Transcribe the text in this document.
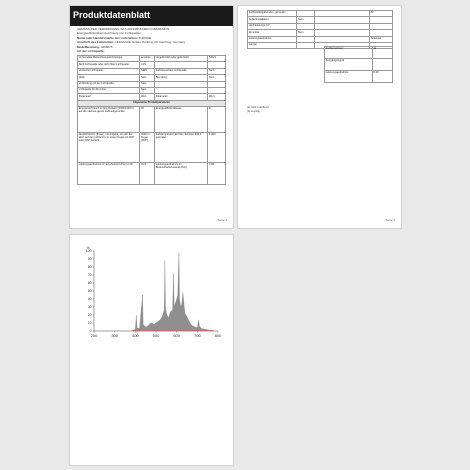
Produktdatenblatt
GEMÄSS DER VERORDNUNG (EU) 2019/2015 DER KOMMISSION
Energieeffizienzkennzeichnung von Lichtquellen
Name oder Handelsmarke des Lieferanten: THRONE
Anschrift des Lieferanten: LEDVANCE GmbH, Parkring 29, Garching, Germany
Modellkennung: 4058075
Art der Lichtquelle:
Verwendete Beleuchtungstechnologie:	sonstige	Ungebündelt oder gebündelt:	NDLS
Netz-Lichtquelle oder nicht Netz-Lichtquelle:	CLS		
Vernetzte Lichtquelle:	NEIN	Farbsteuerbare Lichtquelle:	Nein
Hülle:	Nein	Blendung:	Nein
Verbindung mit der Lichtquelle:	Nein		
Lichtquelle für dimmbar:	Nein		
Parameter	Wert	Parameter	Wert
Allgemeine Produktparameter			
Energieverbrauch im Ein-Zustand (kWh/1000 h), auf die nächste ganze Zahl aufgerundet	32	Energieeffizienzklasse	E
Nutzlichtstrom (Φuse), mit Angabe, ob sich der Wert auf den Lichtstrom in einem Kegel mit 360° oder 120° bezieht	3200 in Kugel (360°)	Farbtemperatur, auf die nächsten 100 K gerundet	4 000
Leistungsaufnahme im Ein-Zustand (Pon) in W	31,5	Leistungsaufnahme im Bereitschaftszustand (Psb)	0,00
Seite 1
Farbwiedergabeindex, gerundet			83
Außeninstallation	Nein		
Hochleistungs-UV			
Dimmbar	Nein		
Leistungsaufnahme			Teilweise
Lampe			
Farbkonsistenz	Ja
Ausgangssignal	
Leistungsaufnahme	0,49
(a) nicht zutreffend
(b) ungültig
Seite 2
0
10
20
30
40
50
60
70
80
90
100
%
200	300	400	500	600	700	800
